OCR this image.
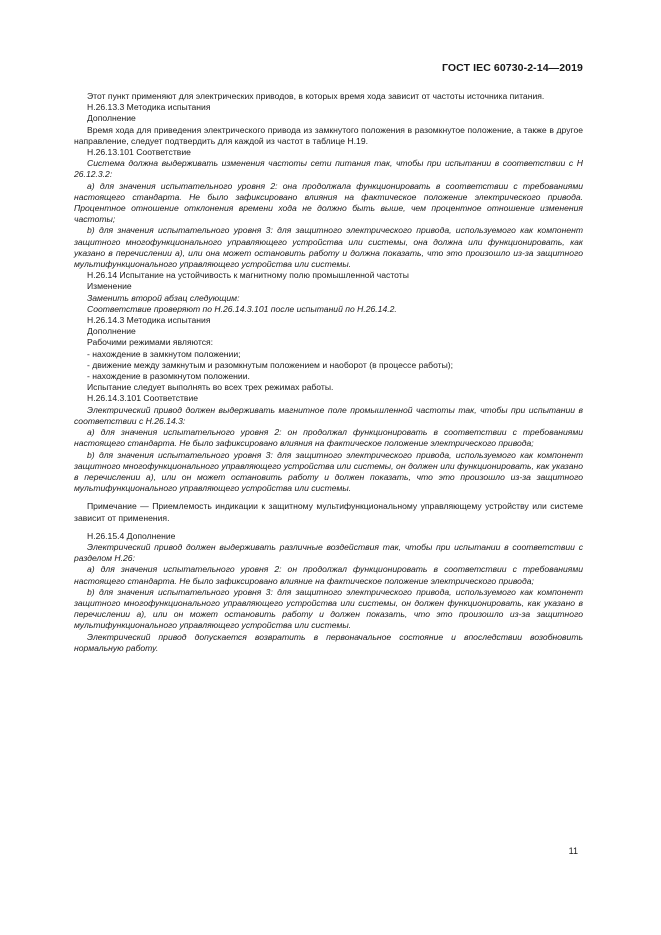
ГОСТ IEC 60730-2-14—2019

Этот пункт применяют для электрических приводов, в которых время хода зависит от частоты источника питания.

H.26.13.3 Методика испытания

Дополнение

Время хода для приведения электрического привода из замкнутого положения в разомкнутое положение, а также в другое направление, следует подтвердить для каждой из частот в таблице H.19.

H.26.13.101 Соответствие

Система должна выдерживать изменения частоты сети питания так, чтобы при испытании в соответствии с H 26.12.3.2:

а) для значения испытательного уровня 2: она продолжала функционировать в соответствии с требованиями настоящего стандарта. Не было зафиксировано влияния на фактическое положение электрического привода. Процентное отношение отклонения времени хода не должно быть выше, чем процентное отношение изменения частоты;

b) для значения испытательного уровня 3: для защитного электрического привода, используемого как компонент защитного многофункционального управляющего устройства или системы, она должна или функционировать, как указано в перечислении а), или она может остановить работу и должна показать, что это произошло из-за защитного мультифункционального управляющего устройства или системы.

H.26.14 Испытание на устойчивость к магнитному полю промышленной частоты

Изменение

Заменить второй абзац следующим:

Соответствие проверяют по H.26.14.3.101 после испытаний по H.26.14.2.

H.26.14.3 Методика испытания

Дополнение

Рабочими режимами являются:

- нахождение в замкнутом положении;

- движение между замкнутым и разомкнутым положением и наоборот (в процессе работы);

- нахождение в разомкнутом положении.

Испытание следует выполнять во всех трех режимах работы.

H.26.14.3.101 Соответствие

Электрический привод должен выдерживать магнитное поле промышленной частоты так, чтобы при испытании в соответствии с H.26.14.3:

а) для значения испытательного уровня 2: он продолжал функционировать в соответствии с требованиями настоящего стандарта. Не было зафиксировано влияния на фактическое положение электрического привода;

b) для значения испытательного уровня 3: для защитного электрического привода, используемого как компонент защитного многофункционального управляющего устройства или системы, он должен или функционировать, как указано в перечислении а), или он может остановить работу и должен показать, что это произошло из-за защитного мультифункционального управляющего устройства или системы.

Примечание — Приемлемость индикации к защитному мультифункциональному управляющему устройству или системе зависит от применения.

H.26.15.4 Дополнение

Электрический привод должен выдерживать различные воздействия так, чтобы при испытании в соответствии с разделом H.26:

а) для значения испытательного уровня 2: он продолжал функционировать в соответствии с требованиями настоящего стандарта. Не было зафиксировано влияние на фактическое положение электрического привода;

b) для значения испытательного уровня 3: для защитного электрического привода, используемого как компонент защитного многофункционального управляющего устройства или системы, он должен функционировать, как указано в перечислении а), или он может остановить работу и должен показать, что это произошло из-за защитного мультифункционального управляющего устройства или системы.

Электрический привод допускается возвратить в первоначальное состояние и впоследствии возобновить нормальную работу.

11
